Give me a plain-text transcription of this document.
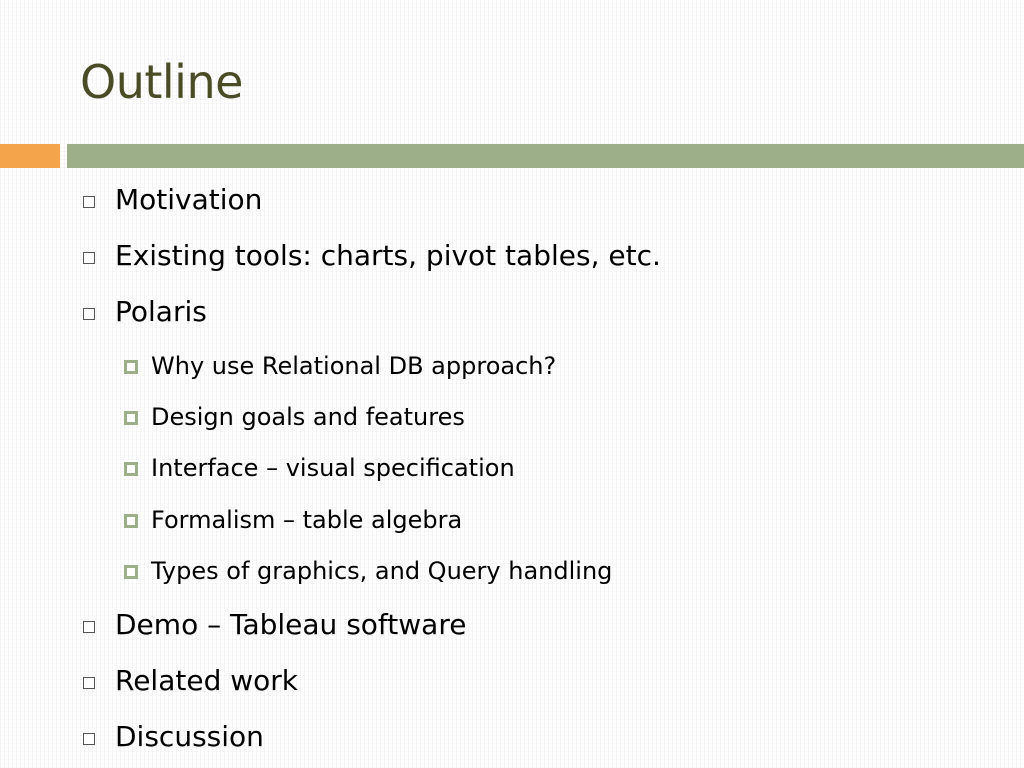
Outline
Motivation
Existing tools: charts, pivot tables, etc.
Polaris
Why use Relational DB approach?
Design goals and features
Interface – visual specification
Formalism – table algebra
Types of graphics, and Query handling
Demo – Tableau software
Related work
Discussion
